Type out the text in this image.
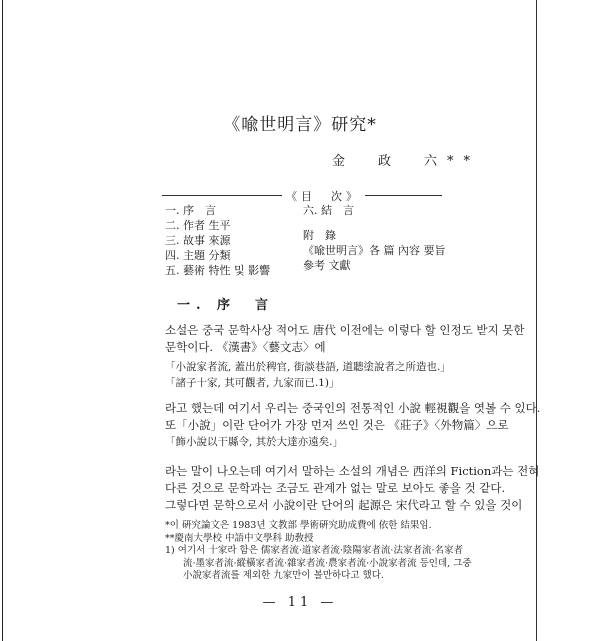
《喩世明言》研究*
金　政　六**
《目　次》
一. 序　言
二. 作者 生平
三. 故事 來源
四. 主題 分類
五. 藝術 特性 및 影響
六. 結　言
附　錄
《喩世明言》各 篇 內容 要旨
參考 文獻
一. 序　言
소설은 중국 문학사상 적어도 唐代 이전에는 이렇다 할 인정도 받지 못한
문학이다. 《漢書》〈藝文志〉에
「小說家者流, 蓋出於稗官, 街談巷語, 道聽塗說者之所造也.」
「諸子十家, 其可觀者, 九家而已.1)」
라고 했는데 여기서 우리는 중국인의 전통적인 小說 輕視觀을 엿볼 수 있다.
또「小說」이란 단어가 가장 먼저 쓰인 것은 《莊子》〈外物篇〉으로
「飾小說以干縣令, 其於大達亦遠矣.」
라는 말이 나오는데 여기서 말하는 소설의 개념은 西洋의 Fiction과는 전혀
다른 것으로 문학과는 조금도 관계가 없는 말로 보아도 좋을 것 같다.
그렇다면 문학으로서 小說이란 단어의 起源은 宋代라고 할 수 있을 것이
*이 硏究論文은 1983년 文教部 學術硏究助成費에 依한 結果임.
**慶南大學校 中語中文學科 助敎授
1) 여기서 十家라 함은 儒家者流·道家者流·陰陽家者流·法家者流·名家者
流·墨家者流·縱橫家者流·雜家者流·農家者流·小說家者流 등인데, 그중
小說家者流를 제외한 九家만이 볼만하다고 했다.
— 11 —
